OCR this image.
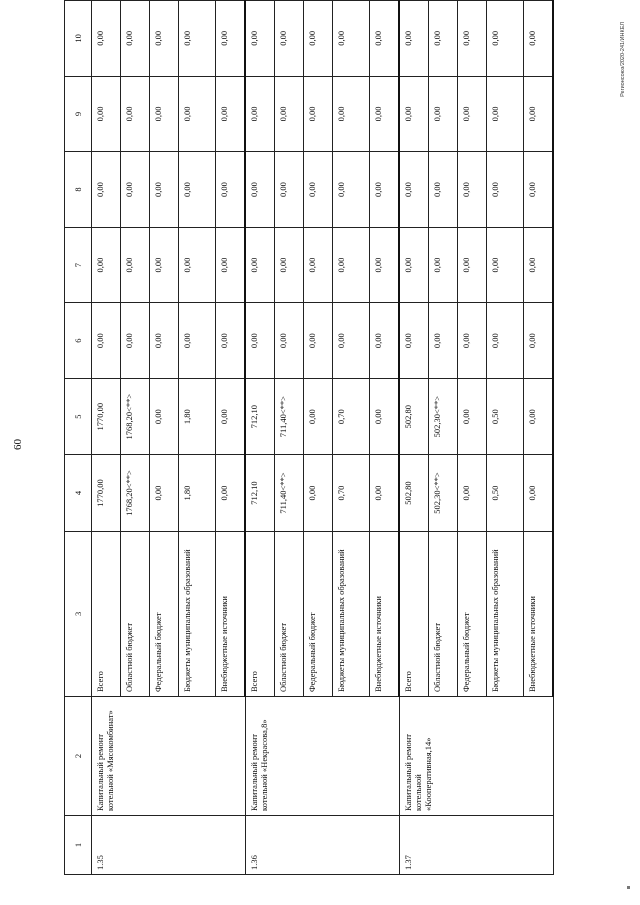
60
1	2	3	4	5	6	7	8	9	10
1.35	Капитальный ремонт котельной «Мясокомбинат»	Всего	1770,00	1770,00	0,00	0,00	0,00	0,00	0,00
		Областной бюджет	1768,20<**>	1768,20<**>	0,00	0,00	0,00	0,00	0,00
		Федеральный бюджет	0,00	0,00	0,00	0,00	0,00	0,00	0,00
		Бюджеты муниципальных образований	1,80	1,80	0,00	0,00	0,00	0,00	0,00
		Внебюджетные источники	0,00	0,00	0,00	0,00	0,00	0,00	0,00
1.36	Капитальный ремонт котельной «Некрасова,8»	Всего	712,10	712,10	0,00	0,00	0,00	0,00	0,00
		Областной бюджет	711,40<**>	711,40<**>	0,00	0,00	0,00	0,00	0,00
		Федеральный бюджет	0,00	0,00	0,00	0,00	0,00	0,00	0,00
		Бюджеты муниципальных образований	0,70	0,70	0,00	0,00	0,00	0,00	0,00
		Внебюджетные источники	0,00	0,00	0,00	0,00	0,00	0,00	0,00
1.37	Капитальный ремонт котельной «Кооперативная,14»	Всего	502,80	502,80	0,00	0,00	0,00	0,00	0,00
		Областной бюджет	502,30<**>	502,30<**>	0,00	0,00	0,00	0,00	0,00
		Федеральный бюджет	0,00	0,00	0,00	0,00	0,00	0,00	0,00
		Бюджеты муниципальных образований	0,50	0,50	0,00	0,00	0,00	0,00	0,00
		Внебюджетные источники	0,00	0,00	0,00	0,00	0,00	0,00	0,00	Регионсоюз/2020-241/ИНКЕЛ
